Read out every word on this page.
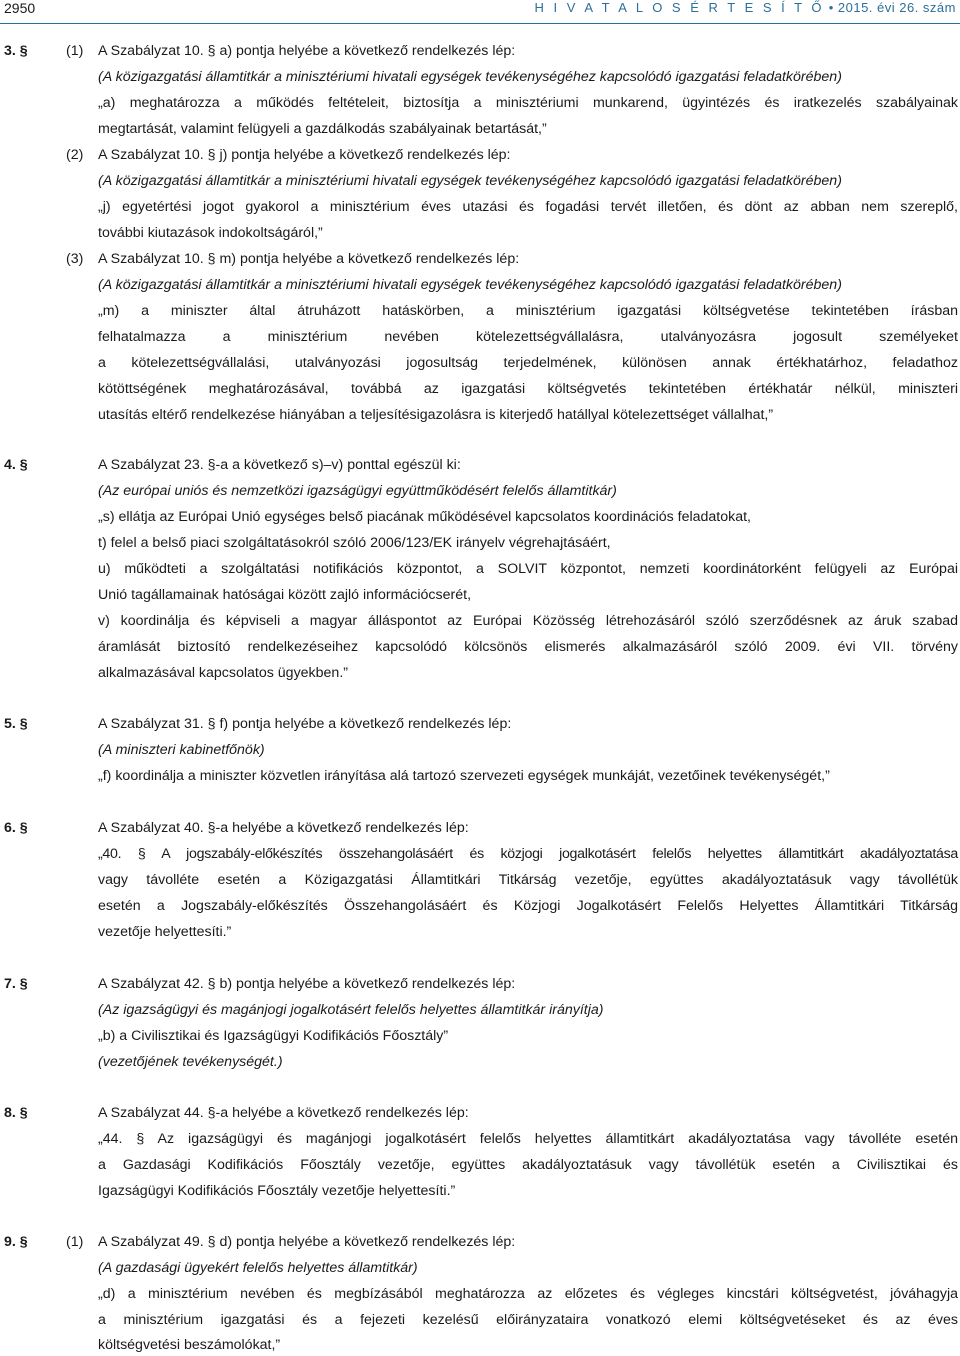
2950	H I V A T A L O S É R T E S Í T Ő • 2015. évi 26. szám
3. §	(1) A Szabályzat 10. § a) pontja helyébe a következő rendelkezés lép:
(A közigazgatási államtitkár a minisztériumi hivatali egységek tevékenységéhez kapcsolódó igazgatási feladatkörében)
„a) meghatározza a működés feltételeit, biztosítja a minisztériumi munkarend, ügyintézés és iratkezelés szabályainak
megtartását, valamint felügyeli a gazdálkodás szabályainak betartását,”
(2) A Szabályzat 10. § j) pontja helyébe a következő rendelkezés lép:
(A közigazgatási államtitkár a minisztériumi hivatali egységek tevékenységéhez kapcsolódó igazgatási feladatkörében)
„j) egyetértési jogot gyakorol a minisztérium éves utazási és fogadási tervét illetően, és dönt az abban nem szereplő,
további kiutazások indokoltságáról,”
(3) A Szabályzat 10. § m) pontja helyébe a következő rendelkezés lép:
(A közigazgatási államtitkár a minisztériumi hivatali egységek tevékenységéhez kapcsolódó igazgatási feladatkörében)
„m) a miniszter által átruházott hatáskörben, a minisztérium igazgatási költségvetése tekintetében írásban
felhatalmazza a minisztérium nevében kötelezettségvállalásra, utalványozásra jogosult személyeket
a kötelezettségvállalási, utalványozási jogosultság terjedelmének, különösen annak értékhatárhoz, feladathoz
kötöttségének meghatározásával, továbbá az igazgatási költségvetés tekintetében értékhatár nélkül, miniszteri
utasítás eltérő rendelkezése hiányában a teljesítésigazolásra is kiterjedő hatállyal kötelezettséget vállalhat,”
4. §	A Szabályzat 23. §-a a következő s)–v) ponttal egészül ki:
(Az európai uniós és nemzetközi igazságügyi együttműködésért felelős államtitkár)
„s) ellátja az Európai Unió egységes belső piacának működésével kapcsolatos koordinációs feladatokat,
t) felel a belső piaci szolgáltatásokról szóló 2006/123/EK irányelv végrehajtásáért,
u) működteti a szolgáltatási notifikációs központot, a SOLVIT központot, nemzeti koordinátorként felügyeli az Európai
Unió tagállamainak hatóságai között zajló információcserét,
v) koordinálja és képviseli a magyar álláspontot az Európai Közösség létrehozásáról szóló szerződésnek az áruk szabad
áramlását biztosító rendelkezéseihez kapcsolódó kölcsönös elismerés alkalmazásáról szóló 2009. évi VII. törvény
alkalmazásával kapcsolatos ügyekben.”
5. §	A Szabályzat 31. § f) pontja helyébe a következő rendelkezés lép:
(A miniszteri kabinetfőnök)
„f) koordinálja a miniszter közvetlen irányítása alá tartozó szervezeti egységek munkáját, vezetőinek tevékenységét,”
6. §	A Szabályzat 40. §-a helyébe a következő rendelkezés lép:
„40. § A jogszabály-előkészítés összehangolásáért és közjogi jogalkotásért felelős helyettes államtitkárt akadályoztatása
vagy távolléte esetén a Közigazgatási Államtitkári Titkárság vezetője, együttes akadályoztatásuk vagy távollétük
esetén a Jogszabály-előkészítés Összehangolásáért és Közjogi Jogalkotásért Felelős Helyettes Államtitkári Titkárság
vezetője helyettesíti.”
7. §	A Szabályzat 42. § b) pontja helyébe a következő rendelkezés lép:
(Az igazságügyi és magánjogi jogalkotásért felelős helyettes államtitkár irányítja)
„b) a Civilisztikai és Igazságügyi Kodifikációs Főosztály”
(vezetőjének tevékenységét.)
8. §	A Szabályzat 44. §-a helyébe a következő rendelkezés lép:
„44. § Az igazságügyi és magánjogi jogalkotásért felelős helyettes államtitkárt akadályoztatása vagy távolléte esetén
a Gazdasági Kodifikációs Főosztály vezetője, együttes akadályoztatásuk vagy távollétük esetén a Civilisztikai és
Igazságügyi Kodifikációs Főosztály vezetője helyettesíti.”
9. §	(1) A Szabályzat 49. § d) pontja helyébe a következő rendelkezés lép:
(A gazdasági ügyekért felelős helyettes államtitkár)
„d) a minisztérium nevében és megbízásából meghatározza az előzetes és végleges kincstári költségvetést, jóváhagyja
a minisztérium igazgatási és a fejezeti kezelésű előirányzataira vonatkozó elemi költségvetéseket és az éves
költségvetési beszámolókat,”
